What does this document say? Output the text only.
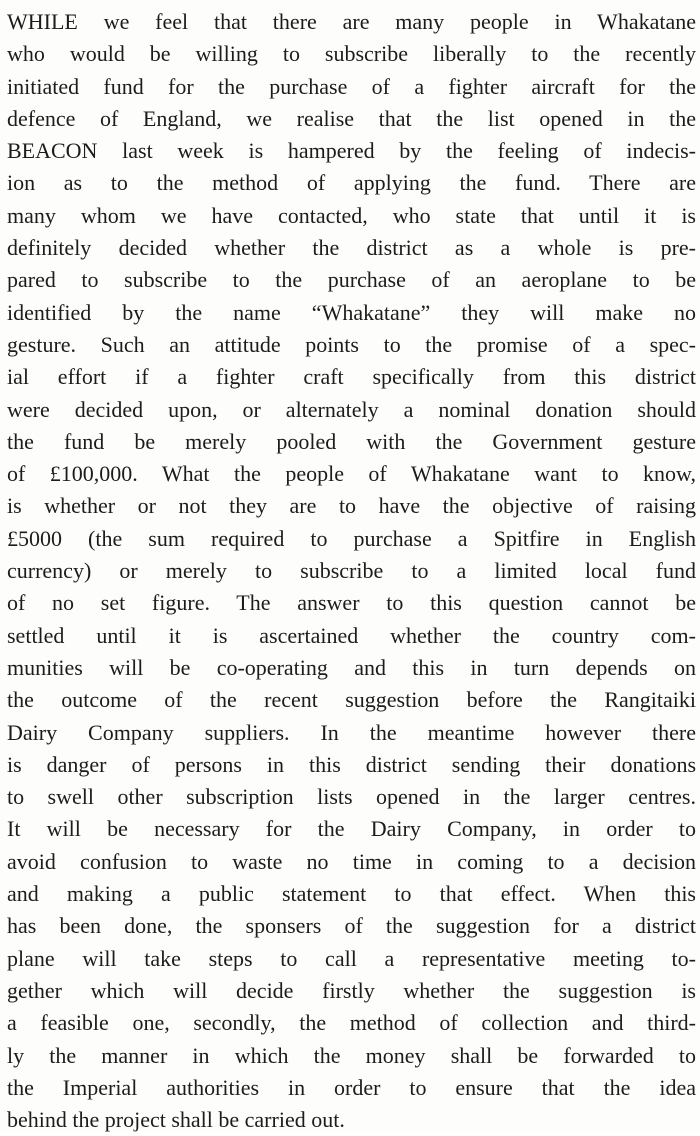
WHILE we feel that there are many people in Whakatane
who would be willing to subscribe liberally to the recently
initiated fund for the purchase of a fighter aircraft for the
defence of England, we realise that the list opened in the
BEACON last week is hampered by the feeling of indecis-
ion as to the method of applying the fund. There are
many whom we have contacted, who state that until it is
definitely decided whether the district as a whole is pre-
pared to subscribe to the purchase of an aeroplane to be
identified by the name “Whakatane” they will make no
gesture. Such an attitude points to the promise of a spec-
ial effort if a fighter craft specifically from this district
were decided upon, or alternately a nominal donation should
the fund be merely pooled with the Government gesture
of £100,000. What the people of Whakatane want to know,
is whether or not they are to have the objective of raising
£5000 (the sum required to purchase a Spitfire in English
currency) or merely to subscribe to a limited local fund
of no set figure. The answer to this question cannot be
settled until it is ascertained whether the country com-
munities will be co-operating and this in turn depends on
the outcome of the recent suggestion before the Rangitaiki
Dairy Company suppliers. In the meantime however there
is danger of persons in this district sending their donations
to swell other subscription lists opened in the larger centres.
It will be necessary for the Dairy Company, in order to
avoid confusion to waste no time in coming to a decision
and making a public statement to that effect. When this
has been done, the sponsers of the suggestion for a district
plane will take steps to call a representative meeting to-
gether which will decide firstly whether the suggestion is
a feasible one, secondly, the method of collection and third-
ly the manner in which the money shall be forwarded to
the Imperial authorities in order to ensure that the idea
behind the project shall be carried out.
